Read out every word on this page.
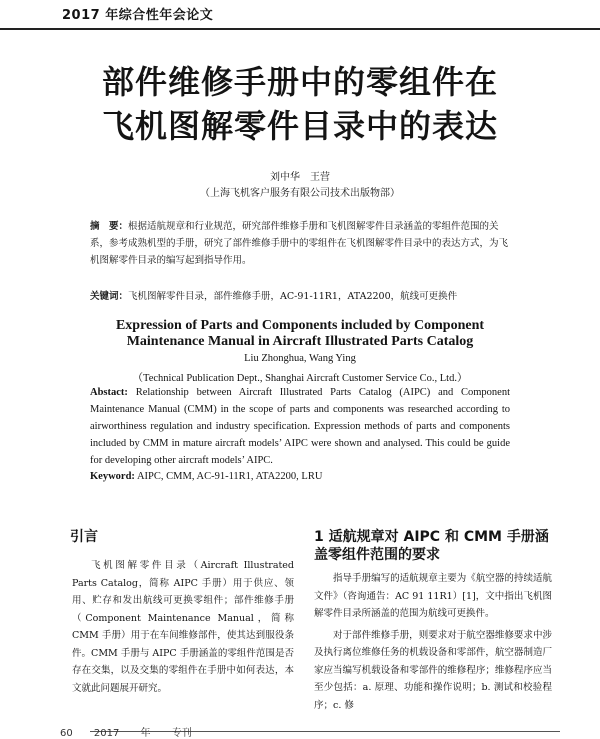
2017 年综合性年会论文
部件维修手册中的零组件在
飞机图解零件目录中的表达
刘中华　王营
（上海飞机客户服务有限公司技术出版物部）
摘　要：根据适航规章和行业规范，研究部件维修手册和飞机图解零件目录涵盖的零组件范围的关系，参考成熟机型的手册，研究了部件维修手册中的零组件在飞机图解零件目录中的表达方式，为飞机图解零件目录的编写起到指导作用。
关键词：飞机图解零件目录，部件维修手册，AC-91-11R1，ATA2200，航线可更换件
Expression of Parts and Components included by Component
Maintenance Manual in Aircraft Illustrated Parts Catalog
Liu Zhonghua, Wang Ying
（Technical Publication Dept., Shanghai Aircraft Customer Service Co., Ltd.）
Abstact: Relationship between Aircraft Illustrated Parts Catalog (AIPC) and Component Maintenance Manual (CMM) in the scope of parts and components was researched according to airworthiness regulation and industry specification. Expression methods of parts and components included by CMM in mature aircraft models’ AIPC were shown and analysed. This could be guide for developing other aircraft models’ AIPC.
Keyword: AIPC, CMM, AC-91-11R1, ATA2200, LRU
引言

飞机图解零件目录（Aircraft Illustrated Parts Catalog，简称 AIPC 手册）用于供应、领用、贮存和发出航线可更换零组件；部件维修手册（Component Maintenance Manual，简称 CMM 手册）用于在车间维修部件，使其达到服役条件。CMM 手册与 AIPC 手册涵盖的零组件范围是否存在交集，以及交集的零组件在手册中如何表达，本文就此问题展开研究。

1 适航规章对 AIPC 和 CMM 手册涵盖零组件范围的要求

指导手册编写的适航规章主要为《航空器的持续适航文件》（咨询通告：AC 91 11R1）[1]，文中指出飞机图解零件目录所涵盖的范围为航线可更换件。

对于部件维修手册，则要求对于航空器维修要求中涉及执行离位维修任务的机载设备和零部件，航空器制造厂家应当编写机载设备和零部件的维修程序；维修程序应当至少包括：a. 原理、功能和操作说明；b. 测试和校验程序；c. 修

60 2017 年 专刊
